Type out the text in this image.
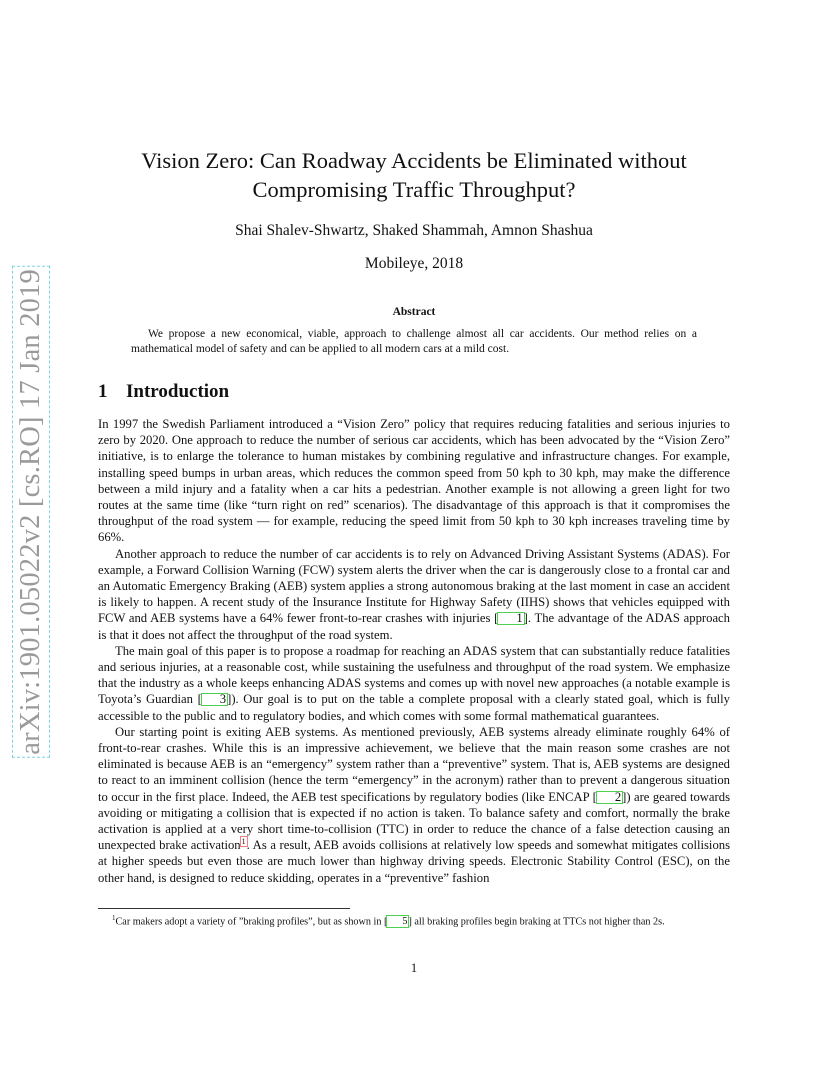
arXiv:1901.05022v2 [cs.RO] 17 Jan 2019
Vision Zero: Can Roadway Accidents be Eliminated without
Compromising Traffic Throughput?
Shai Shalev-Shwartz, Shaked Shammah, Amnon Shashua
Mobileye, 2018
Abstract

We propose a new economical, viable, approach to challenge almost all car accidents. Our method relies on a mathematical model of safety and can be applied to all modern cars at a mild cost.

1 Introduction

In 1997 the Swedish Parliament introduced a “Vision Zero” policy that requires reducing fatalities and serious injuries to zero by 2020. One approach to reduce the number of serious car accidents, which has been advocated by the “Vision Zero” initiative, is to enlarge the tolerance to human mistakes by combining regulative and infrastructure changes. For example, installing speed bumps in urban areas, which reduces the common speed from 50 kph to 30 kph, may make the difference between a mild injury and a fatality when a car hits a pedestrian. Another example is not allowing a green light for two routes at the same time (like “turn right on red” scenarios). The disadvantage of this approach is that it compromises the throughput of the road system — for example, reducing the speed limit from 50 kph to 30 kph increases traveling time by 66%.

Another approach to reduce the number of car accidents is to rely on Advanced Driving Assistant Systems (ADAS). For example, a Forward Collision Warning (FCW) system alerts the driver when the car is dangerously close to a frontal car and an Automatic Emergency Braking (AEB) system applies a strong autonomous braking at the last moment in case an accident is likely to happen. A recent study of the Insurance Institute for Highway Safety (IIHS) shows that vehicles equipped with FCW and AEB systems have a 64% fewer front-to-rear crashes with injuries [ 1]. The advantage of the ADAS approach is that it does not affect the throughput of the road system.

The main goal of this paper is to propose a roadmap for reaching an ADAS system that can substantially reduce fatalities and serious injuries, at a reasonable cost, while sustaining the usefulness and throughput of the road system. We emphasize that the industry as a whole keeps enhancing ADAS systems and comes up with novel new approaches (a notable example is Toyota’s Guardian [ 3]). Our goal is to put on the table a complete proposal with a clearly stated goal, which is fully accessible to the public and to regulatory bodies, and which comes with some formal mathematical guarantees.

Our starting point is exiting AEB systems. As mentioned previously, AEB systems already eliminate roughly 64% of front-to-rear crashes. While this is an impressive achievement, we believe that the main reason some crashes are not eliminated is because AEB is an “emergency” system rather than a “preventive” system. That is, AEB systems are designed to react to an imminent collision (hence the term “emergency” in the acronym) rather than to prevent a dangerous situation to occur in the first place. Indeed, the AEB test specifications by regulatory bodies (like ENCAP [ 2]) are geared towards avoiding or mitigating a collision that is expected if no action is taken. To balance safety and comfort, normally the brake activation is applied at a very short time-to-collision (TTC) in order to reduce the chance of a false detection causing an unexpected brake activation$^1$. As a result, AEB avoids collisions at relatively low speeds and somewhat mitigates collisions at higher speeds but even those are much lower than highway driving speeds. Electronic Stability Control (ESC), on the other hand, is designed to reduce skidding, operates in a “preventive” fashion

$^1$Car makers adopt a variety of ”braking profiles”, but as shown in [ 5] all braking profiles begin braking at TTCs not higher than 2s.
1
